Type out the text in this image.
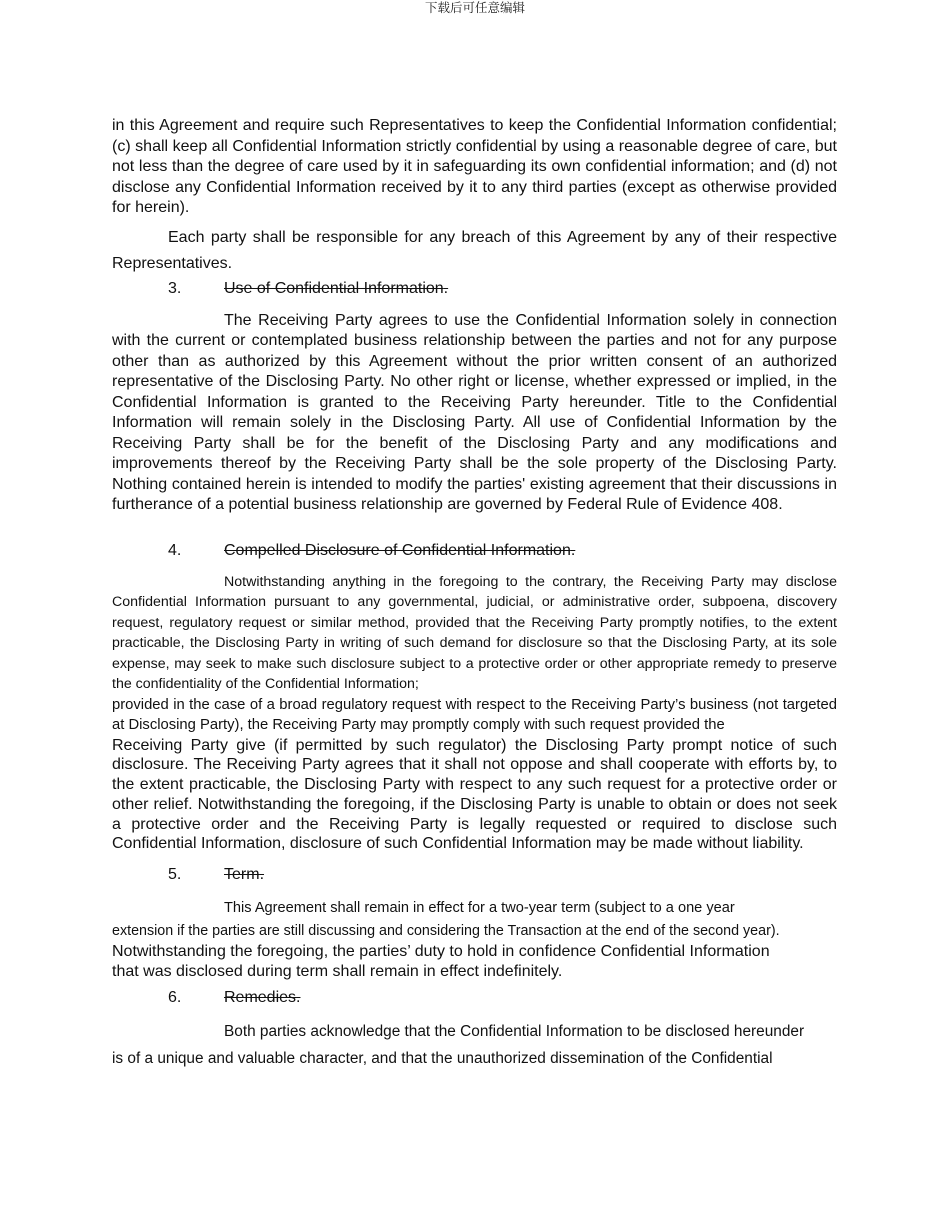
下载后可任意编辑

in this Agreement and require such Representatives to keep the Confidential Information confidential; (c) shall keep all Confidential Information strictly confidential by using a reasonable degree of care, but not less than the degree of care used by it in safeguarding its own confidential information; and (d) not disclose any Confidential Information received by it to any third parties (except as otherwise provided for herein).

Each party shall be responsible for any breach of this Agreement by any of their respective Representatives.

3.	Use of Confidential Information.

The Receiving Party agrees to use the Confidential Information solely in connection with the current or contemplated business relationship between the parties and not for any purpose other than as authorized by this Agreement without the prior written consent of an authorized representative of the Disclosing Party. No other right or license, whether expressed or implied, in the Confidential Information is granted to the Receiving Party hereunder. Title to the Confidential Information will remain solely in the Disclosing Party. All use of Confidential Information by the Receiving Party shall be for the benefit of the Disclosing Party and any modifications and improvements thereof by the Receiving Party shall be the sole property of the Disclosing Party. Nothing contained herein is intended to modify the parties' existing agreement that their discussions in furtherance of a potential business relationship are governed by Federal Rule of Evidence 408.

4.	Compelled Disclosure of Confidential Information.

Notwithstanding anything in the foregoing to the contrary, the Receiving Party may disclose Confidential Information pursuant to any governmental, judicial, or administrative order, subpoena, discovery request, regulatory request or similar method, provided that the Receiving Party promptly notifies, to the extent practicable, the Disclosing Party in writing of such demand for disclosure so that the Disclosing Party, at its sole expense, may seek to make such disclosure subject to a protective order or other appropriate remedy to preserve the confidentiality of the Confidential Information;

provided in the case of a broad regulatory request with respect to the Receiving Party’s business (not targeted at Disclosing Party), the Receiving Party may promptly comply with such request provided the

Receiving Party give (if permitted by such regulator) the Disclosing Party prompt notice of such disclosure. The Receiving Party agrees that it shall not oppose and shall cooperate with efforts by, to the extent practicable, the Disclosing Party with respect to any such request for a protective order or other relief. Notwithstanding the foregoing, if the Disclosing Party is unable to obtain or does not seek a protective order and the Receiving Party is legally requested or required to disclose such Confidential Information, disclosure of such Confidential Information may be made without liability.

5.	Term.

This Agreement shall remain in effect for a two-year term (subject to a one year

extension if the parties are still discussing and considering the Transaction at the end of the second year).

Notwithstanding the foregoing, the parties’ duty to hold in confidence Confidential Information

that was disclosed during term shall remain in effect indefinitely.

6.	Remedies.

Both parties acknowledge that the Confidential Information to be disclosed hereunder

is of a unique and valuable character, and that the unauthorized dissemination of the Confidential
